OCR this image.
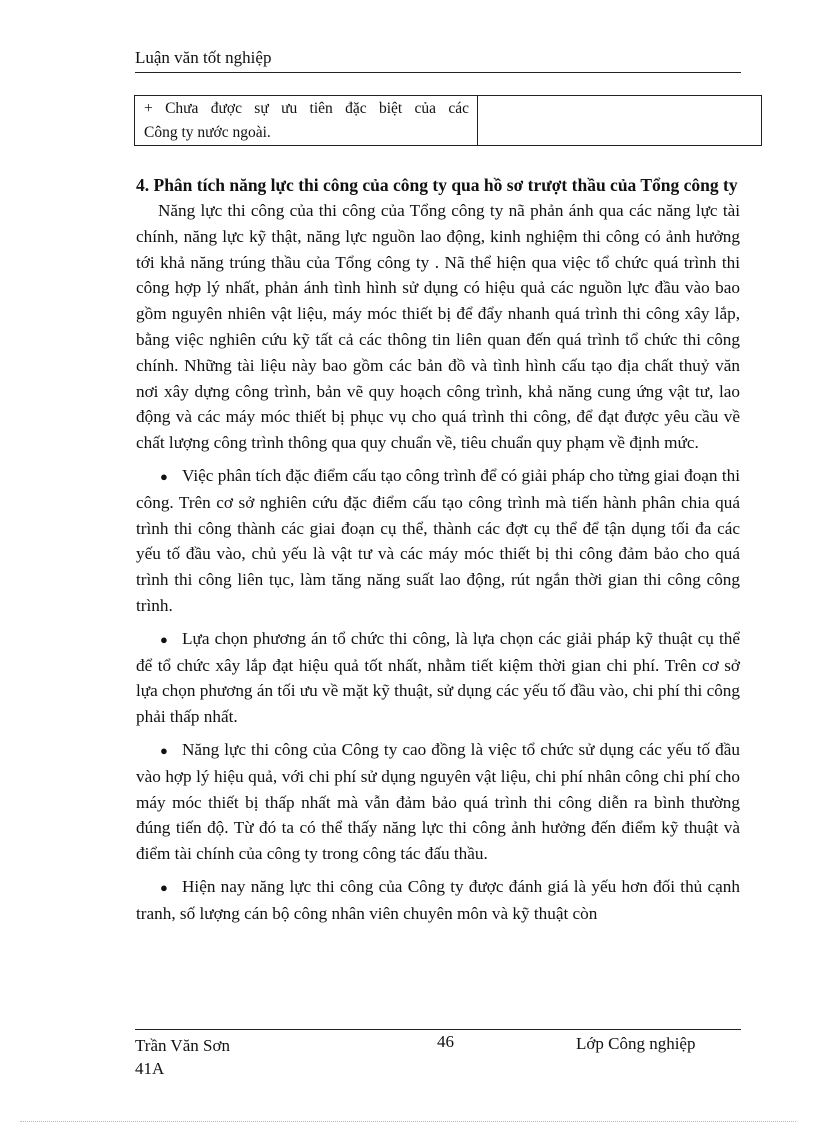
Luận văn tốt nghiệp
+ Chưa được sự ưu tiên đặc biệt của các
Công ty nước ngoài.
4. Phân tích năng lực thi công của công ty qua hồ sơ trượt thầu của Tổng công ty

Năng lực thi công của thi công của Tổng công ty nã phản ánh qua các năng lực tài chính, năng lực kỹ thật, năng lực nguồn lao động, kinh nghiệm thi công có ảnh hưởng tới khả năng trúng thầu của Tổng công ty . Nã thể hiện qua việc tổ chức quá trình thi công hợp lý nhất, phản ánh tình hình sử dụng có hiệu quả các nguồn lực đầu vào bao gồm nguyên nhiên vật liệu, máy móc thiết bị để đẩy nhanh quá trình thi công xây lắp, bằng việc nghiên cứu kỹ tất cả các thông tin liên quan đến quá trình tổ chức thi công chính. Những tài liệu này bao gồm các bản đồ và tình hình cấu tạo địa chất thuỷ văn nơi xây dựng công trình, bản vẽ quy hoạch công trình, khả năng cung ứng vật tư, lao động và các máy móc thiết bị phục vụ cho quá trình thi công, để đạt được yêu cầu về chất lượng công trình thông qua quy chuẩn về, tiêu chuẩn quy phạm về định mức.

● Việc phân tích đặc điểm cấu tạo công trình để có giải pháp cho từng giai đoạn thi công. Trên cơ sở nghiên cứu đặc điểm cấu tạo công trình mà tiến hành phân chia quá trình thi công thành các giai đoạn cụ thể, thành các đợt cụ thể để tận dụng tối đa các yếu tố đầu vào, chủ yếu là vật tư và các máy móc thiết bị thi công đảm bảo cho quá trình thi công liên tục, làm tăng năng suất lao động, rút ngắn thời gian thi công công trình.

● Lựa chọn phương án tổ chức thi công, là lựa chọn các giải pháp kỹ thuật cụ thể để tổ chức xây lắp đạt hiệu quả tốt nhất, nhằm tiết kiệm thời gian chi phí. Trên cơ sở lựa chọn phương án tối ưu về mặt kỹ thuật, sử dụng các yếu tố đầu vào, chi phí thi công phải thấp nhất.

● Năng lực thi công của Công ty cao đồng là việc tổ chức sử dụng các yếu tố đầu vào hợp lý hiệu quả, với chi phí sử dụng nguyên vật liệu, chi phí nhân công chi phí cho máy móc thiết bị thấp nhất mà vẫn đảm bảo quá trình thi công diễn ra bình thường đúng tiến độ. Từ đó ta có thể thấy năng lực thi công ảnh hưởng đến điểm kỹ thuật và điểm tài chính của công ty trong công tác đấu thầu.

● Hiện nay năng lực thi công của Công ty được đánh giá là yếu hơn đối thủ cạnh tranh, số lượng cán bộ công nhân viên chuyên môn và kỹ thuật còn

Trần Văn Sơn
41A
46	Lớp Công nghiệp
